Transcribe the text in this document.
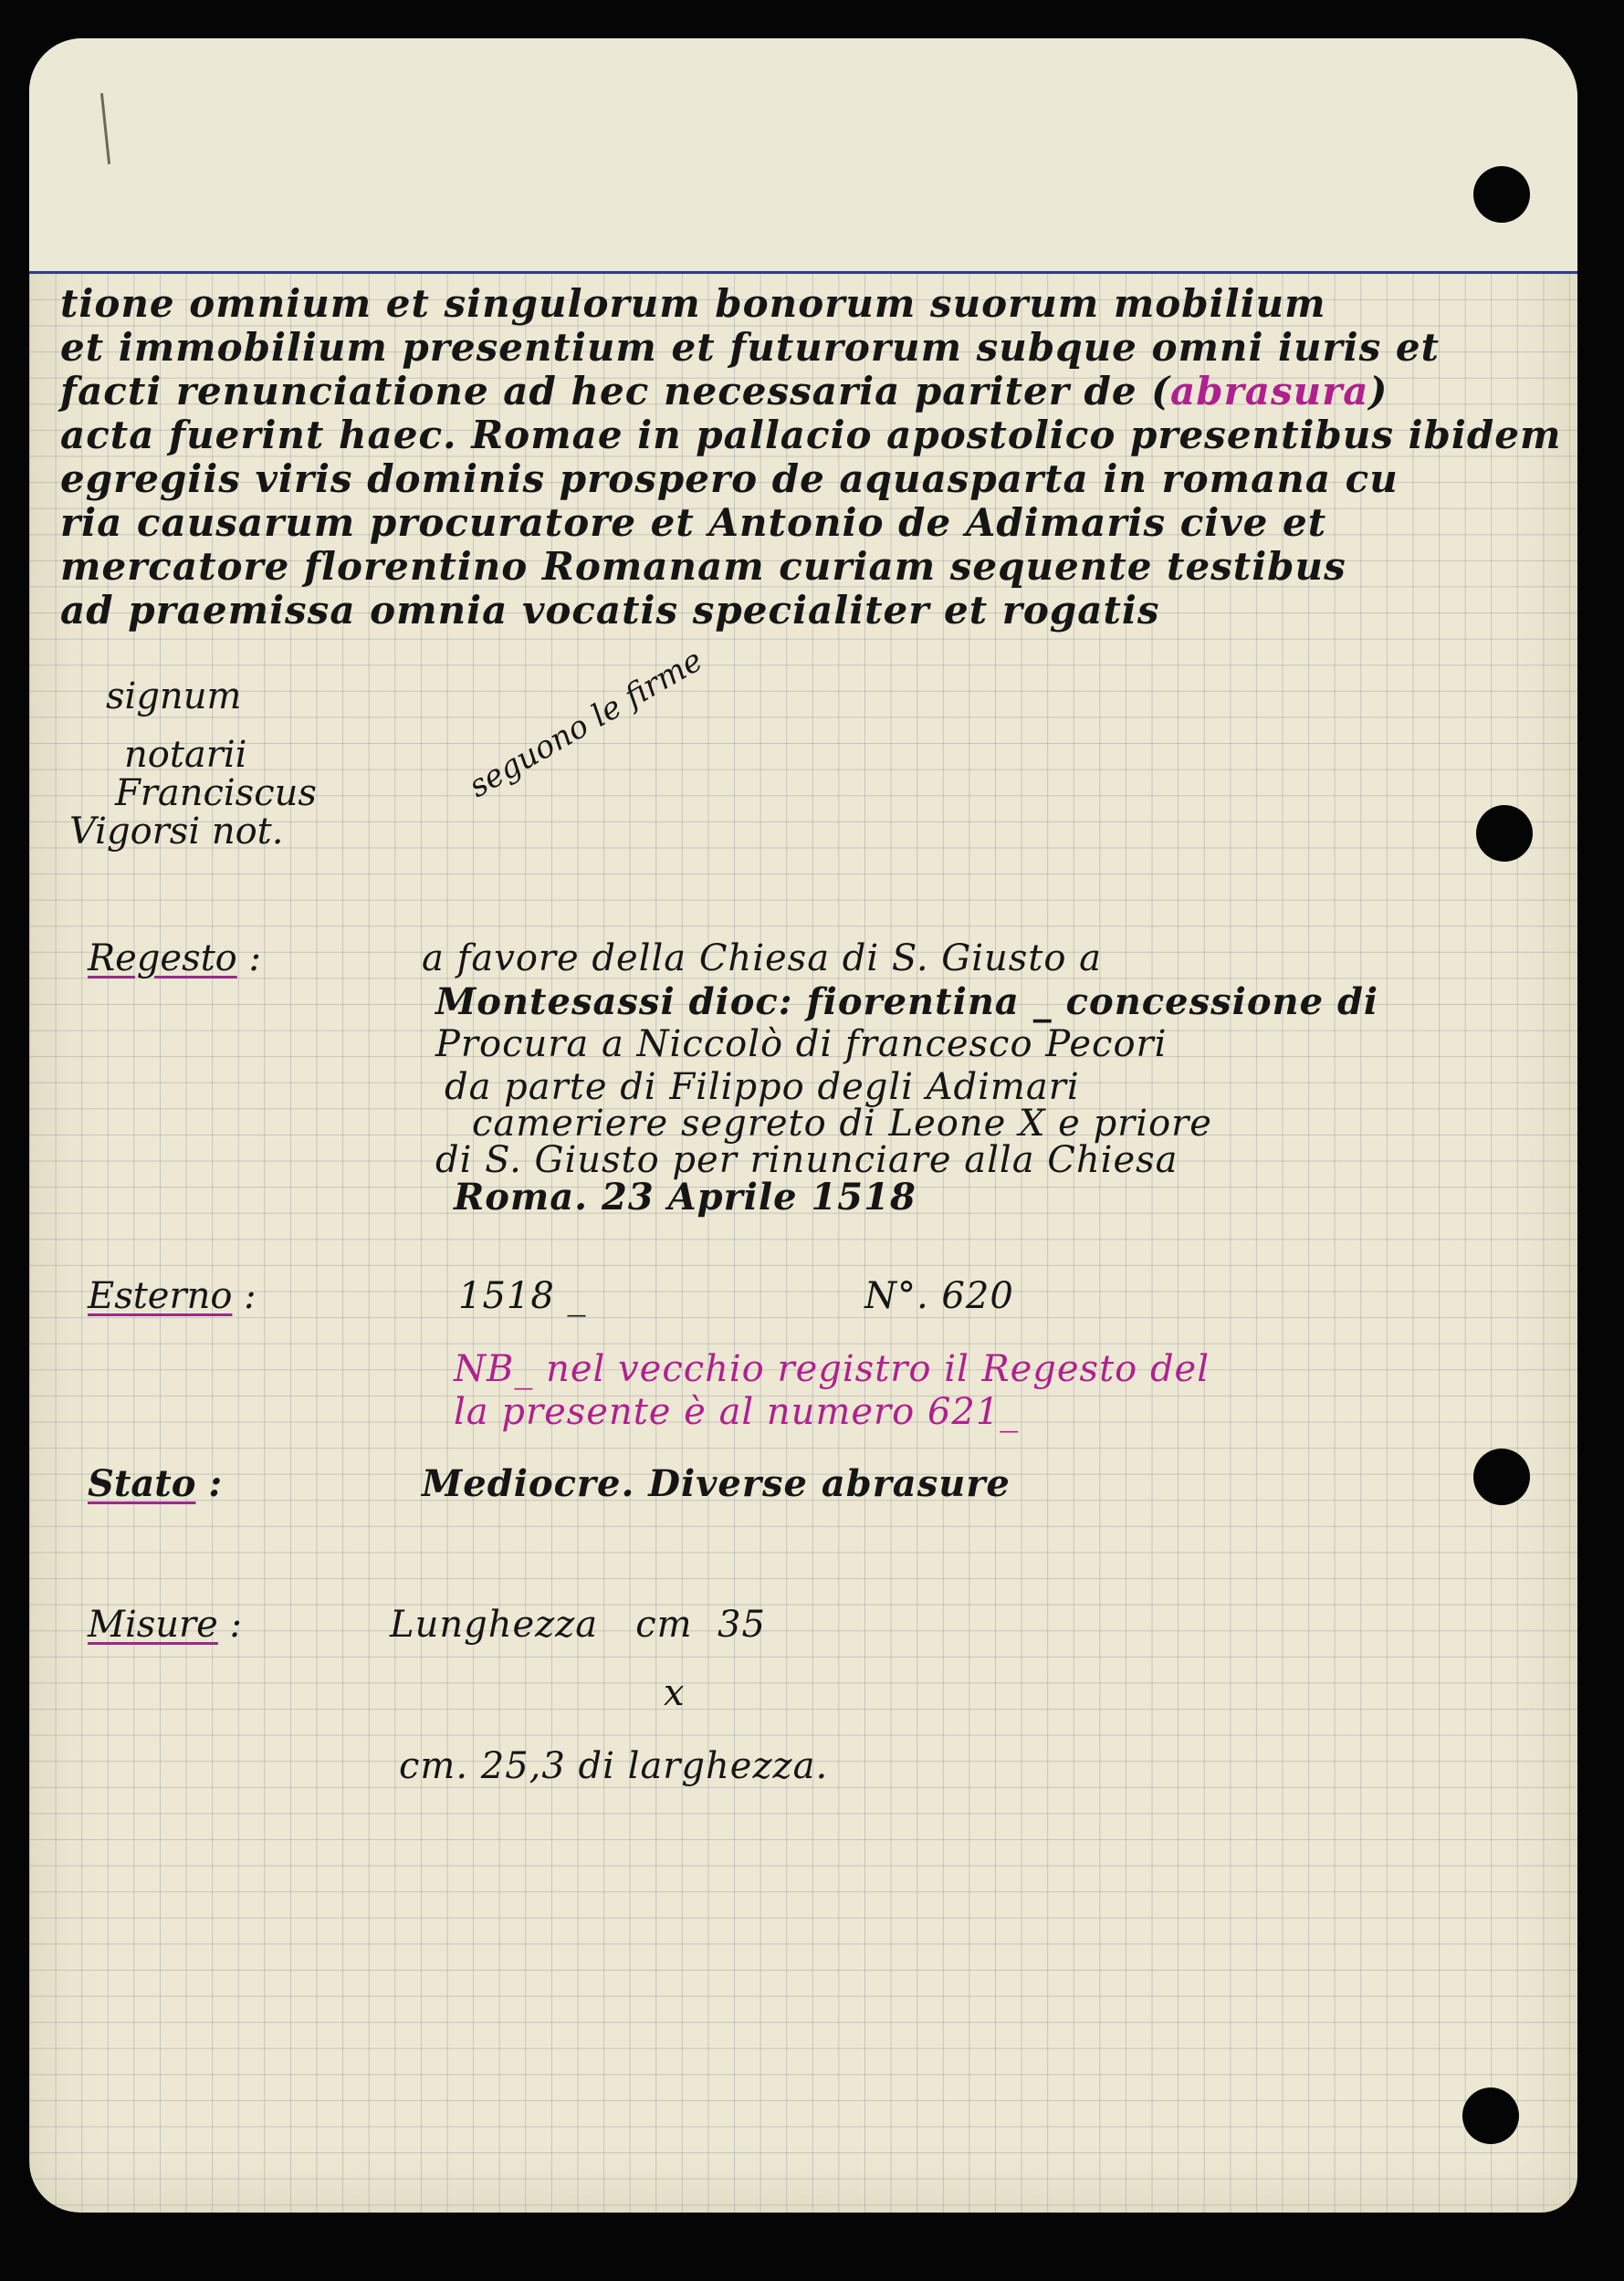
tione omnium et singulorum bonorum suorum mobilium
et immobilium presentium et futurorum subque omni iuris et
facti renunciatione ad hec necessaria pariter de (abrasura)
acta fuerint haec. Romae in pallacio apostolico presentibus ibidem
egregiis viris dominis prospero de aquasparta in romana cu
ria causarum procuratore et Antonio de Adimaris cive et
mercatore florentino Romanam curiam sequente testibus
ad praemissa omnia vocatis specialiter et rogatis
signum
notarii
Franciscus
Vigorsi not.
seguono le firme
Regesto :	a favore della Chiesa di S. Giusto a
Montesassi dioc: fiorentina _ concessione di
Procura a Niccolò di francesco Pecori
da parte di Filippo degli Adimari
cameriere segreto di Leone X e priore
di S. Giusto per rinunciare alla Chiesa
Roma. 23 Aprile 1518
Esterno :	1518 _	N°. 620
NB_ nel vecchio registro il Regesto del
la presente è al numero 621_
Stato :	Mediocre. Diverse abrasure
Misure :	Lunghezza   cm  35
x
cm. 25,3 di larghezza.
